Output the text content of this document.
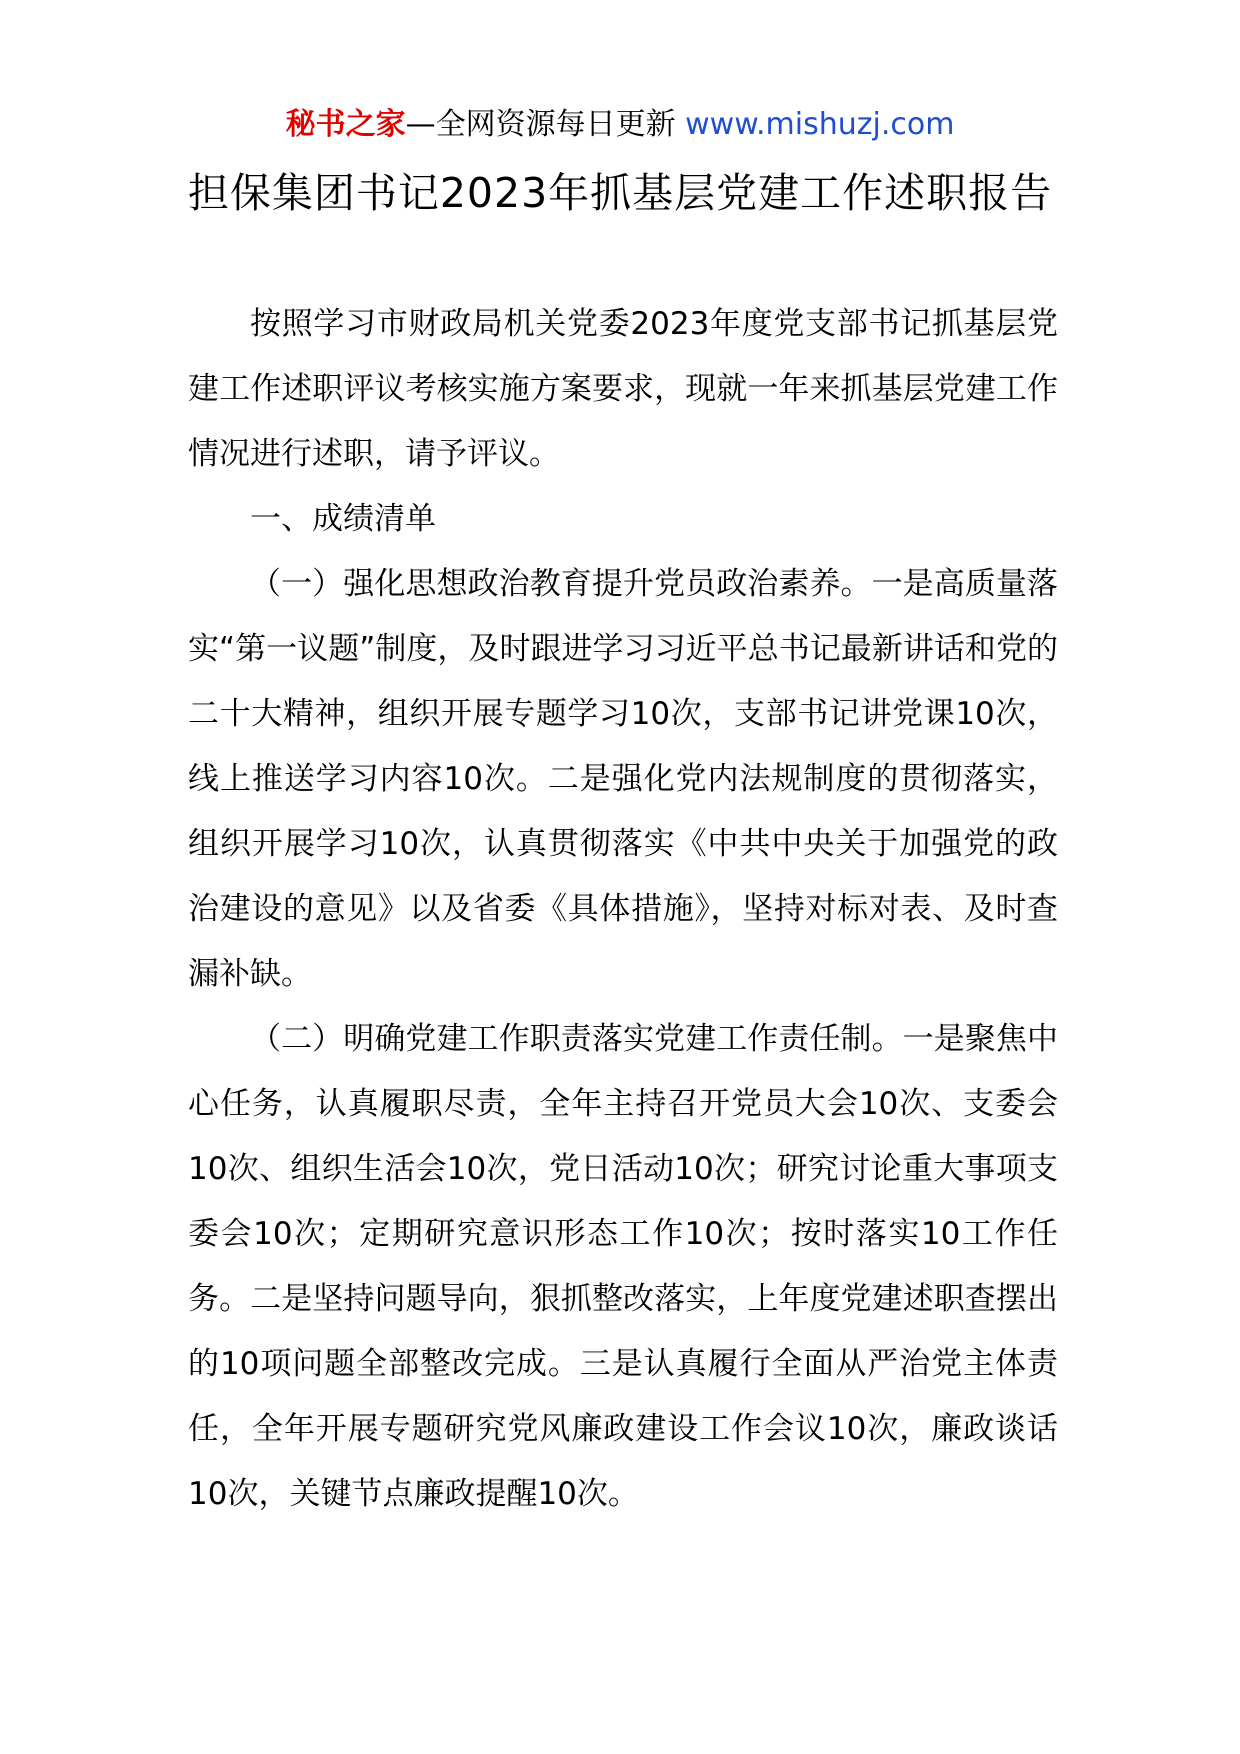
秘书之家—全网资源每日更新 www.mishuzj.com
担保集团书记2023年抓基层党建工作述职报告

按照学习市财政局机关党委2023年度党支部书记抓基层党建工作述职评议考核实施方案要求，现就一年来抓基层党建工作情况进行述职，请予评议。

一、成绩清单

（一）强化思想政治教育提升党员政治素养。一是高质量落实“第一议题”制度，及时跟进学习习近平总书记最新讲话和党的二十大精神，组织开展专题学习10次，支部书记讲党课10次，线上推送学习内容10次。二是强化党内法规制度的贯彻落实，组织开展学习10次，认真贯彻落实《中共中央关于加强党的政治建设的意见》以及省委《具体措施》，坚持对标对表、及时查漏补缺。

（二）明确党建工作职责落实党建工作责任制。一是聚焦中心任务，认真履职尽责，全年主持召开党员大会10次、支委会10次、组织生活会10次，党日活动10次；研究讨论重大事项支委会10次；定期研究意识形态工作10次；按时落实10工作任务。二是坚持问题导向，狠抓整改落实，上年度党建述职查摆出的10项问题全部整改完成。三是认真履行全面从严治党主体责任，全年开展专题研究党风廉政建设工作会议10次，廉政谈话10次，关键节点廉政提醒10次。
